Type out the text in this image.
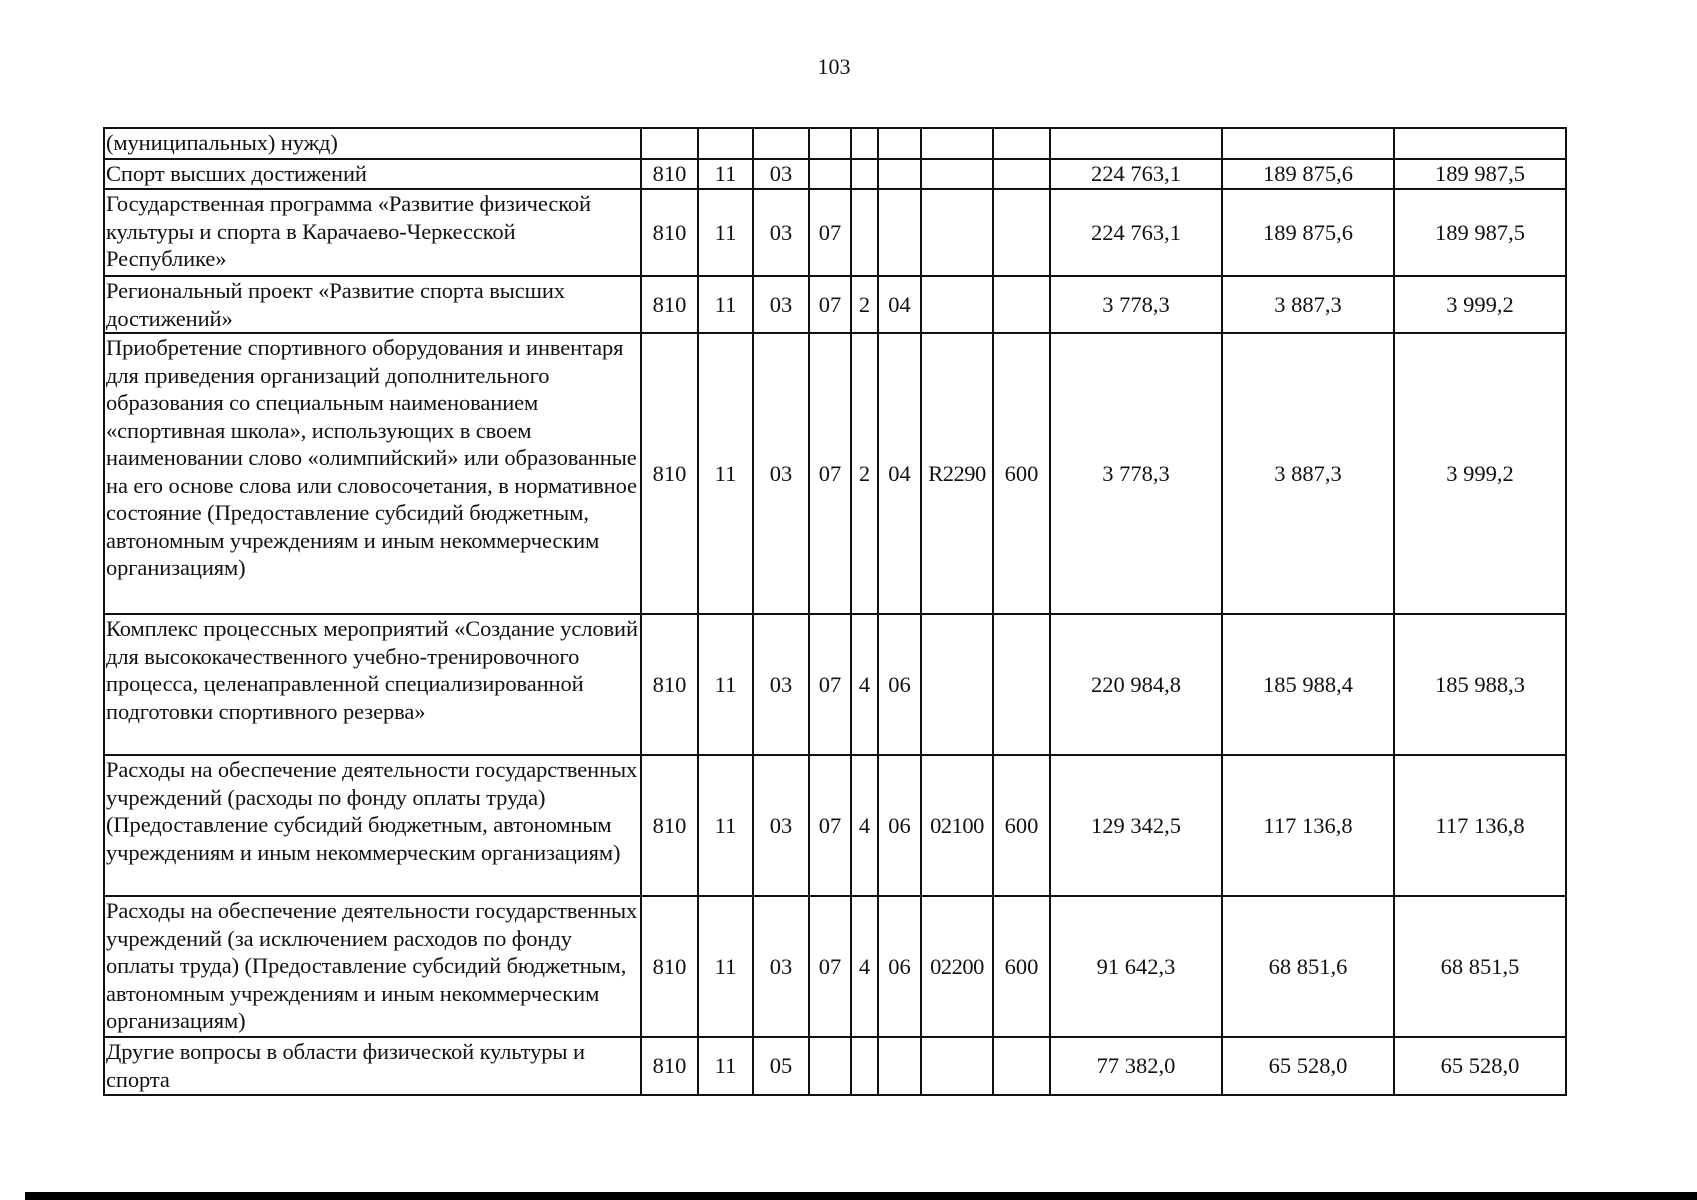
103
(муниципальных) нужд)											
Спорт высших достижений	810	11	03						224 763,1	189 875,6	189 987,5
Государственная программа «Развитие физической культуры и спорта в Карачаево-Черкесской Республике»	810	11	03	07					224 763,1	189 875,6	189 987,5
Региональный проект «Развитие спорта высших достижений»	810	11	03	07	2	04			3 778,3	3 887,3	3 999,2
Приобретение спортивного оборудования и инвентаря для приведения организаций дополнительного образования со специальным наименованием «спортивная школа», использующих в своем наименовании слово «олимпийский» или образованные на его основе слова или словосочетания, в нормативное состояние (Предоставление субсидий бюджетным, автономным учреждениям и иным некоммерческим организациям)	810	11	03	07	2	04	R2290	600	3 778,3	3 887,3	3 999,2
Комплекс процессных мероприятий «Создание условий для высококачественного учебно-тренировочного процесса, целенаправленной специализированной подготовки спортивного резерва»	810	11	03	07	4	06			220 984,8	185 988,4	185 988,3
Расходы на обеспечение деятельности государственных учреждений (расходы по фонду оплаты труда) (Предоставление субсидий бюджетным, автономным учреждениям и иным некоммерческим организациям)	810	11	03	07	4	06	02100	600	129 342,5	117 136,8	117 136,8
Расходы на обеспечение деятельности государственных учреждений (за исключением расходов по фонду оплаты труда) (Предоставление субсидий бюджетным, автономным учреждениям и иным некоммерческим организациям)	810	11	03	07	4	06	02200	600	91 642,3	68 851,6	68 851,5
Другие вопросы в области физической культуры и спорта	810	11	05						77 382,0	65 528,0	65 528,0
